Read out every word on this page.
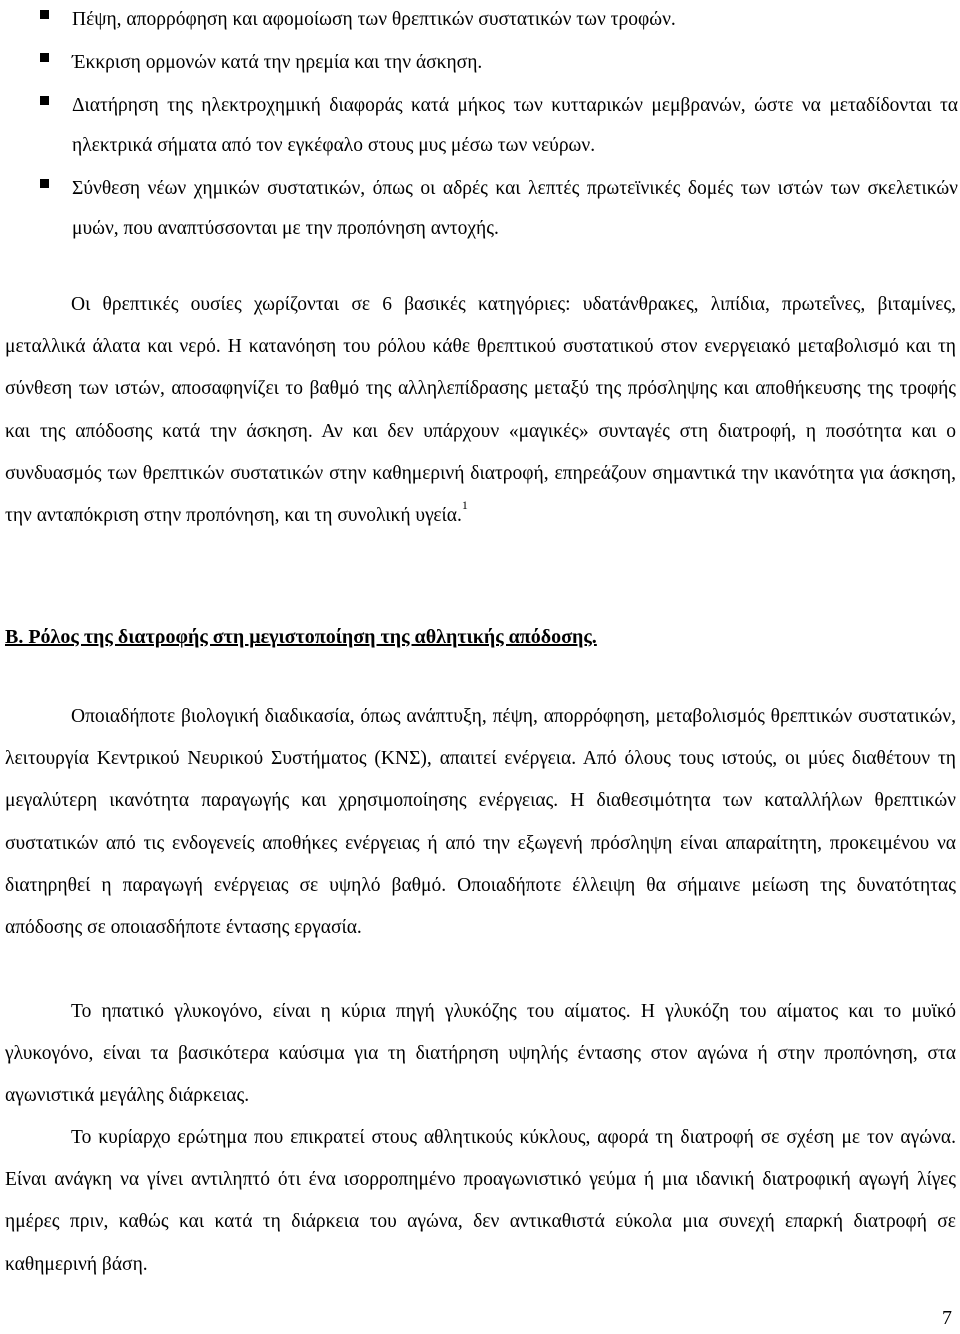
Πέψη, απορρόφηση και αφομοίωση των θρεπτικών συστατικών των τροφών.
Έκκριση ορμονών κατά την ηρεμία και την άσκηση.
Διατήρηση της ηλεκτροχημική διαφοράς κατά μήκος των κυτταρικών μεμβρανών, ώστε να μεταδίδονται τα ηλεκτρικά σήματα από τον εγκέφαλο στους μυς μέσω των νεύρων.
Σύνθεση νέων χημικών συστατικών, όπως οι αδρές και λεπτές πρωτεϊνικές δομές των ιστών των σκελετικών μυών, που αναπτύσσονται με την προπόνηση αντοχής.

Οι θρεπτικές ουσίες χωρίζονται σε 6 βασικές κατηγόριες: υδατάνθρακες, λιπίδια, πρωτεΐνες, βιταμίνες, μεταλλικά άλατα και νερό. Η κατανόηση του ρόλου κάθε θρεπτικού συστατικού στον ενεργειακό μεταβολισμό και τη σύνθεση των ιστών, αποσαφηνίζει το βαθμό της αλληλεπίδρασης μεταξύ της πρόσληψης και αποθήκευσης της τροφής και της απόδοσης κατά την άσκηση. Αν και δεν υπάρχουν «μαγικές» συνταγές στη διατροφή, η ποσότητα και ο συνδυασμός των θρεπτικών συστατικών στην καθημερινή διατροφή, επηρεάζουν σημαντικά την ικανότητα για άσκηση, την ανταπόκριση στην προπόνηση, και τη συνολική υγεία.$^1$

Β. Ρόλος της διατροφής στη μεγιστοποίηση της αθλητικής απόδοσης.

Οποιαδήποτε βιολογική διαδικασία, όπως ανάπτυξη, πέψη, απορρόφηση, μεταβολισμός θρεπτικών συστατικών, λειτουργία Κεντρικού Νευρικού Συστήματος (ΚΝΣ), απαιτεί ενέργεια. Από όλους τους ιστούς, οι μύες διαθέτουν τη μεγαλύτερη ικανότητα παραγωγής και χρησιμοποίησης ενέργειας. Η διαθεσιμότητα των καταλλήλων θρεπτικών συστατικών από τις ενδογενείς αποθήκες ενέργειας ή από την εξωγενή πρόσληψη είναι απαραίτητη, προκειμένου να διατηρηθεί η παραγωγή ενέργειας σε υψηλό βαθμό. Οποιαδήποτε έλλειψη θα σήμαινε μείωση της δυνατότητας απόδοσης σε οποιασδήποτε έντασης εργασία.

Το ηπατικό γλυκογόνο, είναι η κύρια πηγή γλυκόζης του αίματος. Η γλυκόζη του αίματος και το μυϊκό γλυκογόνο, είναι τα βασικότερα καύσιμα για τη διατήρηση υψηλής έντασης στον αγώνα ή στην προπόνηση, στα αγωνιστικά μεγάλης διάρκειας.

Το κυρίαρχο ερώτημα που επικρατεί στους αθλητικούς κύκλους, αφορά τη διατροφή σε σχέση με τον αγώνα. Είναι ανάγκη να γίνει αντιληπτό ότι ένα ισορροπημένο προαγωνιστικό γεύμα ή μια ιδανική διατροφική αγωγή λίγες ημέρες πριν, καθώς και κατά τη διάρκεια του αγώνα, δεν αντικαθιστά εύκολα μια συνεχή επαρκή διατροφή σε καθημερινή βάση.

7
